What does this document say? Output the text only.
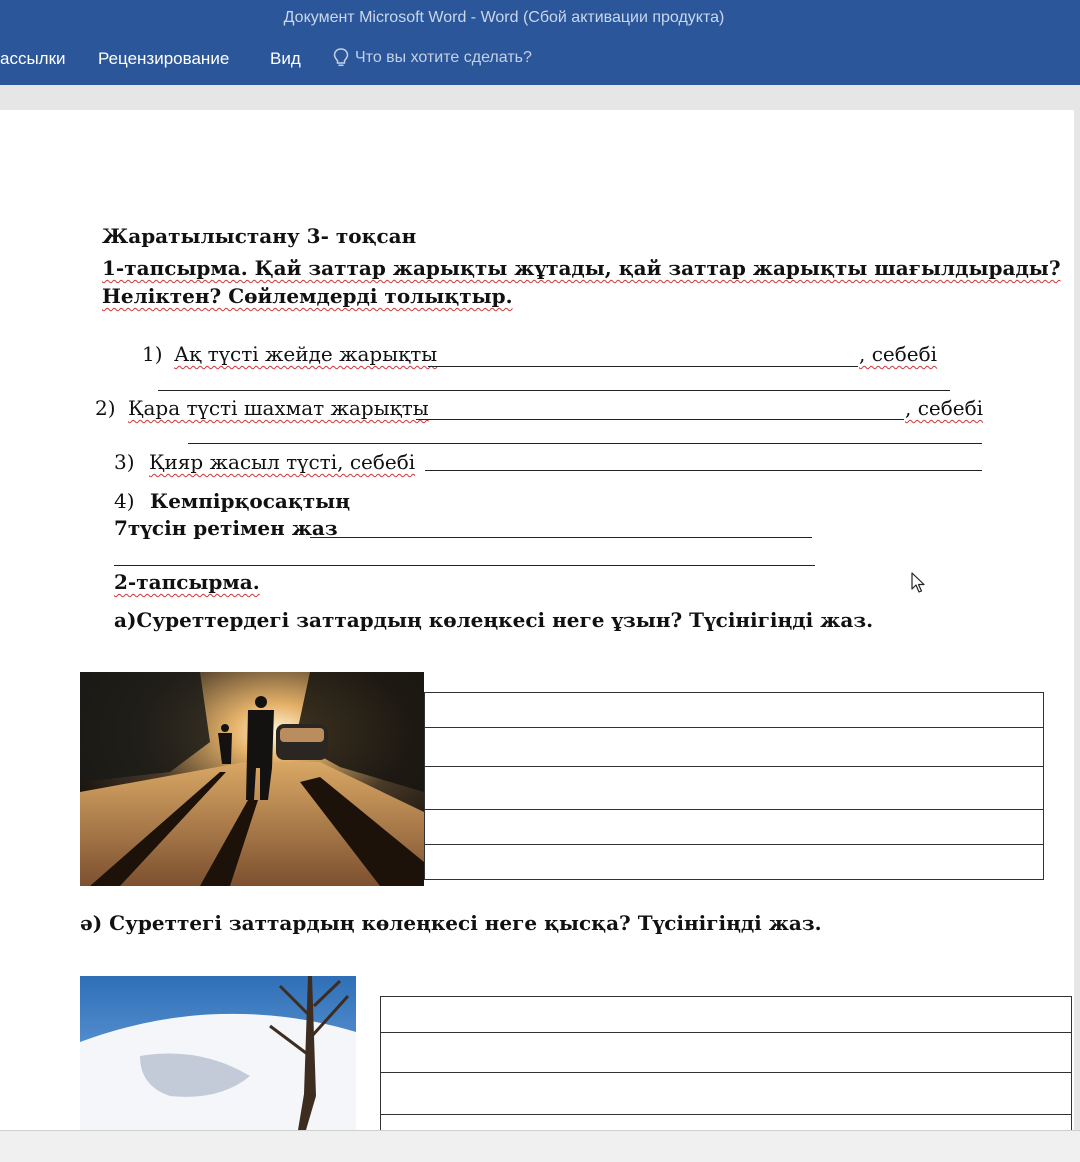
Документ Microsoft Word - Word (Сбой активации продукта)
ассылки Рецензирование Вид	Что вы хотите сделать?
Жаратылыстану 3- тоқсан
1-тапсырма. Қай заттар жарықты жұтады, қай заттар жарықты шағылдырады?
Неліктен? Сөйлемдерді толықтыр.
1) Ақ түсті жейде жарықты	, себебі
2) Қара түсті шахмат жарықты	, себебі
3) Қияр жасыл түсті, себебі
4) Кемпірқосақтың
7түсін ретімен жаз
2-тапсырма.
а)Суреттердегі заттардың көлеңкесі неге ұзын? Түсінігіңді жаз.
ә) Суреттегі заттардың көлеңкесі неге қысқа? Түсінігіңді жаз.
